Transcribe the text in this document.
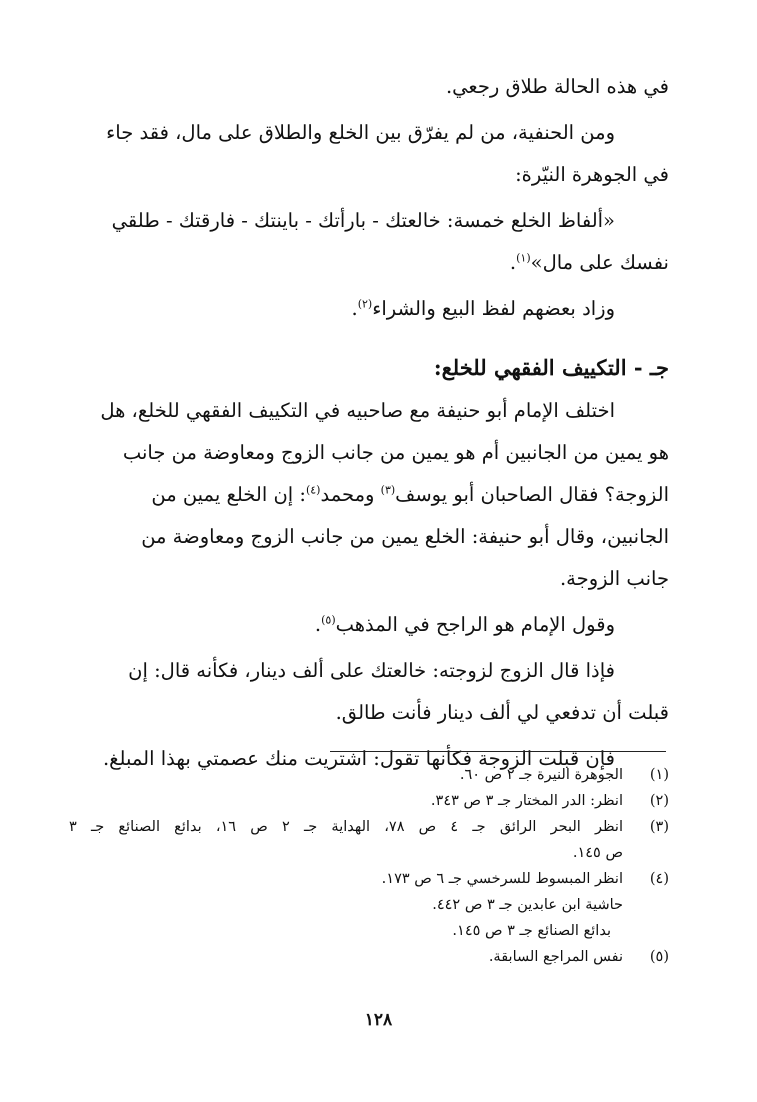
في هذه الحالة طلاق رجعي.
ومن الحنفية، من لم يفرّق بين الخلع والطلاق على مال، فقد جاء
في الجوهرة النيّرة:
«ألفاظ الخلع خمسة: خالعتك - بارأتك - باينتك - فارقتك - طلقي
نفسك على مال»$^{(١)}$.
وزاد بعضهم لفظ البيع والشراء$^{(٢)}$.
جـ - التكييف الفقهي للخلع:
اختلف الإمام أبو حنيفة مع صاحبيه في التكييف الفقهي للخلع، هل
هو يمين من الجانبين أم هو يمين من جانب الزوج ومعاوضة من جانب
الزوجة؟ فقال الصاحبان أبو يوسف$^{(٣)}$ ومحمد$^{(٤)}$: إن الخلع يمين من
الجانبين، وقال أبو حنيفة: الخلع يمين من جانب الزوج ومعاوضة من
جانب الزوجة.
وقول الإمام هو الراجح في المذهب$^{(٥)}$.
فإذا قال الزوج لزوجته: خالعتك على ألف دينار، فكأنه قال: إن
قبلت أن تدفعي لي ألف دينار فأنت طالق.
فإن قبلت الزوجة فكأنها تقول: اشتريت منك عصمتي بهذا المبلغ.
(١)
الجوهرة النيرة جـ ٢ ص ٦٠.
(٢)
انظر: الدر المختار جـ ٣ ص ٣٤٣.
(٣)
انظر البحر الرائق جـ ٤ ص ٧٨، الهداية جـ ٢ ص ١٦، بدائع الصنائع جـ ٣
ص ١٤٥.
(٤)
انظر المبسوط للسرخسي جـ ٦ ص ١٧٣.
حاشية ابن عابدين جـ ٣ ص ٤٤٢.
بدائع الصنائع جـ ٣ ص ١٤٥.
(٥)
نفس المراجع السابقة.
١٢٨
